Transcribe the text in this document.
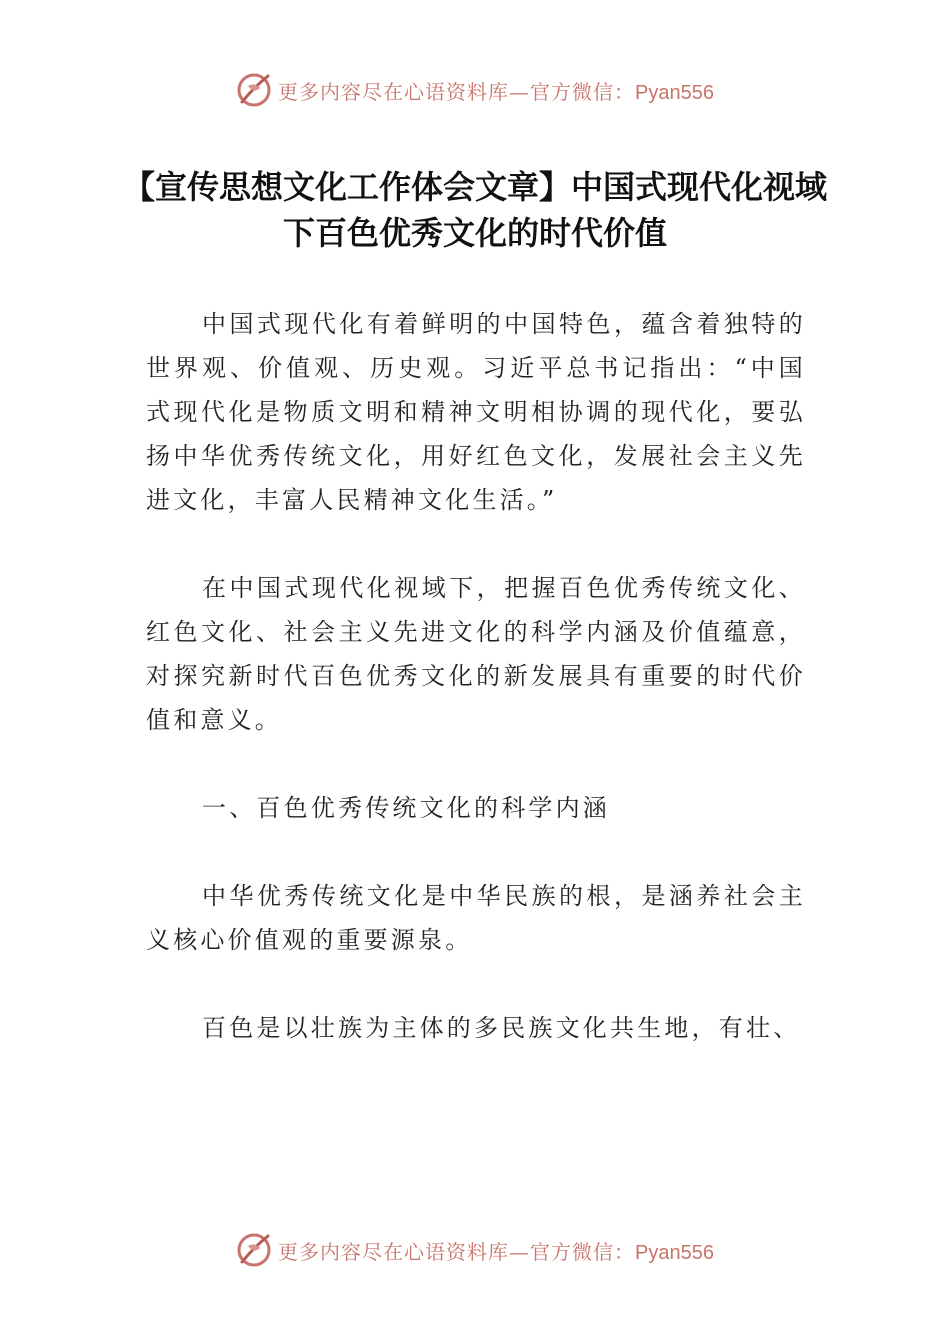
更多内容尽在心语资料库—官方微信：Pyan556
【宣传思想文化工作体会文章】中国式现代化视域下百色优秀文化的时代价值

中国式现代化有着鲜明的中国特色，蕴含着独特的世界观、价值观、历史观。习近平总书记指出：“中国式现代化是物质文明和精神文明相协调的现代化，要弘扬中华优秀传统文化，用好红色文化，发展社会主义先进文化，丰富人民精神文化生活。”

在中国式现代化视域下，把握百色优秀传统文化、红色文化、社会主义先进文化的科学内涵及价值蕴意，对探究新时代百色优秀文化的新发展具有重要的时代价值和意义。

一、百色优秀传统文化的科学内涵

中华优秀传统文化是中华民族的根，是涵养社会主义核心价值观的重要源泉。

百色是以壮族为主体的多民族文化共生地，有壮、

更多内容尽在心语资料库—官方微信：Pyan556
